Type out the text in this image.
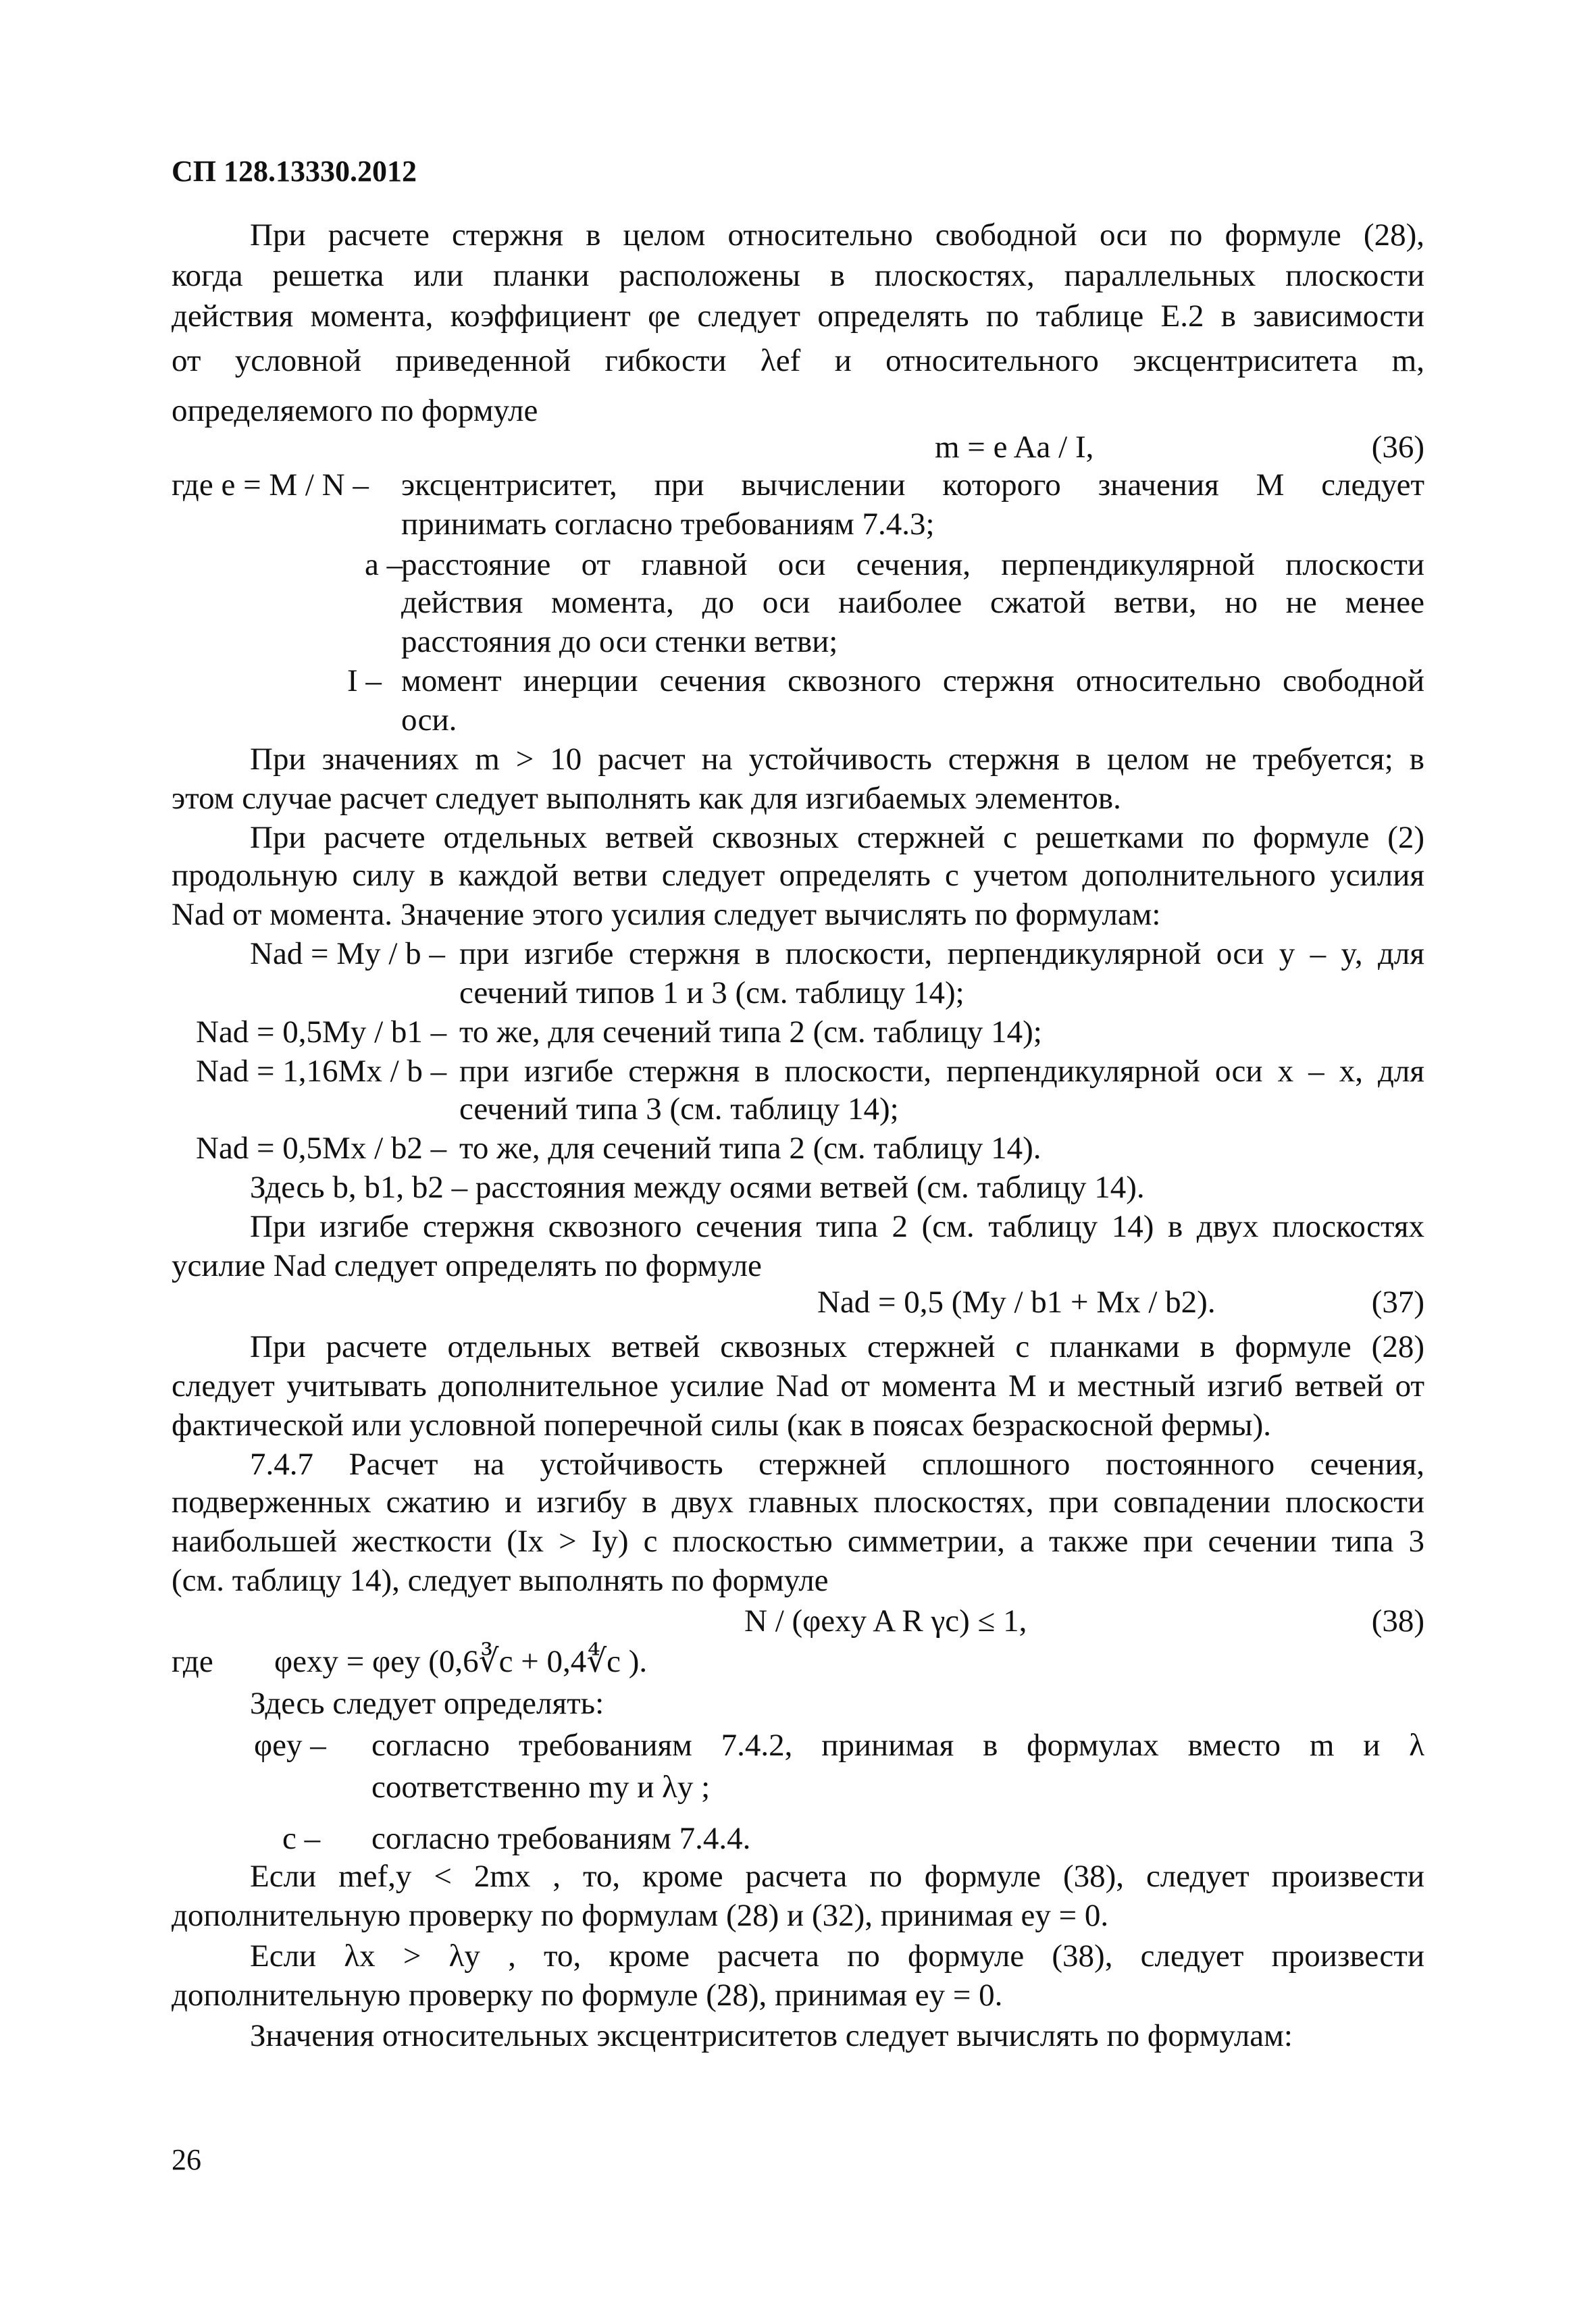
СП 128.13330.2012
При расчете стержня в целом относительно свободной оси по формуле (28),
когда решетка или планки расположены в плоскостях, параллельных плоскости
действия момента, коэффициент φe следует определять по таблице Е.2 в зависимости
от условной приведенной гибкости λef и относительного эксцентриситета m,
определяемого по формуле
где e = M / N – эксцентриситет, при вычислении которого значения M следует
принимать согласно требованиям 7.4.3;
a –
расстояние от главной оси сечения, перпендикулярной плоскости
действия момента, до оси наиболее сжатой ветви, но не менее
расстояния до оси стенки ветви;
I – момент инерции сечения сквозного стержня относительно свободной
оси.
При значениях m > 10 расчет на устойчивость стержня в целом не требуется; в
этом случае расчет следует выполнять как для изгибаемых элементов.
При расчете отдельных ветвей сквозных стержней с решетками по формуле (2)
продольную силу в каждой ветви следует определять с учетом дополнительного усилия
Nad от момента. Значение этого усилия следует вычислять по формулам:
Nad = My / b – при изгибе стержня в плоскости, перпендикулярной оси y – y, для
сечений типов 1 и 3 (см. таблицу 14);
Nad = 0,5My / b1 – то же, для сечений типа 2 (см. таблицу 14);
Nad = 1,16Mx / b – при изгибе стержня в плоскости, перпендикулярной оси x – x, для
сечений типа 3 (см. таблицу 14);
Nad = 0,5Mx / b2 – то же, для сечений типа 2 (см. таблицу 14).
Здесь b, b1, b2 – расстояния между осями ветвей (см. таблицу 14).
При изгибе стержня сквозного сечения типа 2 (см. таблицу 14) в двух плоскостях
усилие Nad следует определять по формуле
При расчете отдельных ветвей сквозных стержней с планками в формуле (28)
следует учитывать дополнительное усилие Nad от момента M и местный изгиб ветвей от
фактической или условной поперечной силы (как в поясах безраскосной фермы).
7.4.7 Расчет на устойчивость стержней сплошного постоянного сечения,
подверженных сжатию и изгибу в двух главных плоскостях, при совпадении плоскости
наибольшей жесткости (Ix > Iy) с плоскостью симметрии, а также при сечении типа 3
(см. таблицу 14), следует выполнять по формуле
где
Здесь следует определять:
φey – согласно требованиям 7.4.2, принимая в формулах вместо m и λ
соответственно my и λy ;
c – согласно требованиям 7.4.4.
Если mef,y < 2mx , то, кроме расчета по формуле (38), следует произвести
дополнительную проверку по формулам (28) и (32), принимая ey = 0.
Если λx > λy , то, кроме расчета по формуле (38), следует произвести
дополнительную проверку по формуле (28), принимая ey = 0.
Значения относительных эксцентриситетов следует вычислять по формулам:
m = e Aa / I,	(36)
Nad = 0,5 (My / b1 + Mx / b2).	(37)
N / (φexy A R γc) ≤ 1,	(38)
φexy = φey (0,6∛c + 0,4∜c ).
26
